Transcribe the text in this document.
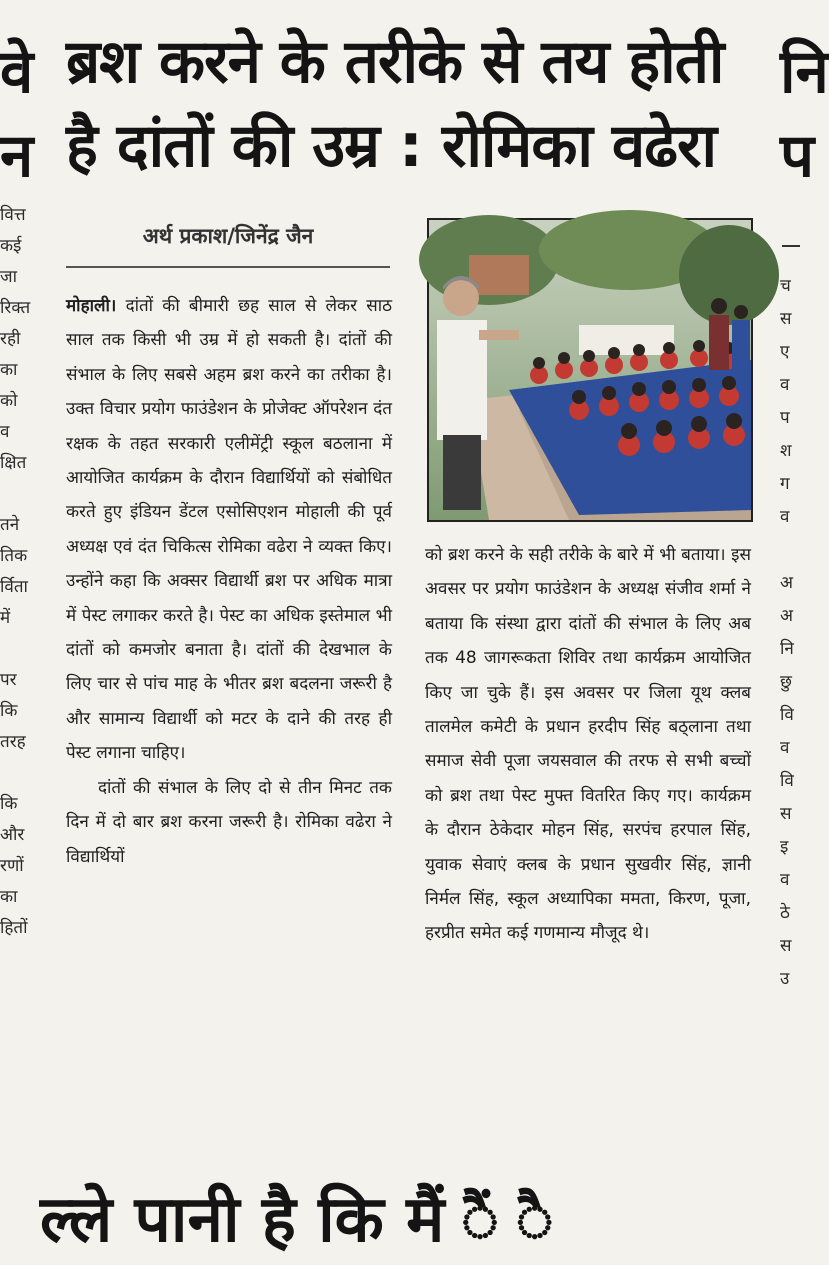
वे
न
वित्त
कई
जा
रिक्त
रही
का
को
व
क्षित
तने
तिक
र्विता
में
पर
कि
तरह
कि
और
रणों
का
हितों
नि
प
च
स
ए
व
प
श
ग
व
अ
अ
नि
छु
वि
व
वि
स
इ
व
ठे
स
उ
ब्रश करने के तरीके से तय होती
है दांतों की उम्र : रोमिका वढेरा
अर्थ प्रकाश/जिनेंद्र जैन

मोहाली। दांतों की बीमारी छह साल से लेकर साठ साल तक किसी भी उम्र में हो सकती है। दांतों की संभाल के लिए सबसे अहम ब्रश करने का तरीका है। उक्त विचार प्रयोग फाउंडेशन के प्रोजेक्ट ऑपरेशन दंत रक्षक के तहत सरकारी एलीमेंट्री स्कूल बठलाना में आयोजित कार्यक्रम के दौरान विद्यार्थियों को संबोधित करते हुए इंडियन डेंटल एसोसिएशन मोहाली की पूर्व अध्यक्ष एवं दंत चिकित्स रोमिका वढेरा ने व्यक्त किए। उन्होंने कहा कि अक्सर विद्यार्थी ब्रश पर अधिक मात्रा में पेस्ट लगाकर करते है। पेस्ट का अधिक इस्तेमाल भी दांतों को कमजोर बनाता है। दांतों की देखभाल के लिए चार से पांच माह के भीतर ब्रश बदलना जरूरी है और सामान्य विद्यार्थी को मटर के दाने की तरह ही पेस्ट लगाना चाहिए।

दांतों की संभाल के लिए दो से तीन मिनट तक दिन में दो बार ब्रश करना जरूरी है। रोमिका वढेरा ने विद्यार्थियों

को ब्रश करने के सही तरीके के बारे में भी बताया। इस अवसर पर प्रयोग फाउंडेशन के अध्यक्ष संजीव शर्मा ने बताया कि संस्था द्वारा दांतों की संभाल के लिए अब तक 48 जागरूकता शिविर तथा कार्यक्रम आयोजित किए जा चुके हैं। इस अवसर पर जिला यूथ क्लब तालमेल कमेटी के प्रधान हरदीप सिंह बठ्लाना तथा समाज सेवी पूजा जयसवाल की तरफ से सभी बच्चों को ब्रश तथा पेस्ट मुफ्त वितरित किए गए। कार्यक्रम के दौरान ठेकेदार मोहन सिंह, सरपंच हरपाल सिंह, युवाक सेवाएं क्लब के प्रधान सुखवीर सिंह, ज्ञानी निर्मल सिंह, स्कूल अध्यापिका ममता, किरण, पूजा, हरप्रीत समेत कई गणमान्य मौजूद थे।

ल्ले पानी है कि मैं ैं ै
